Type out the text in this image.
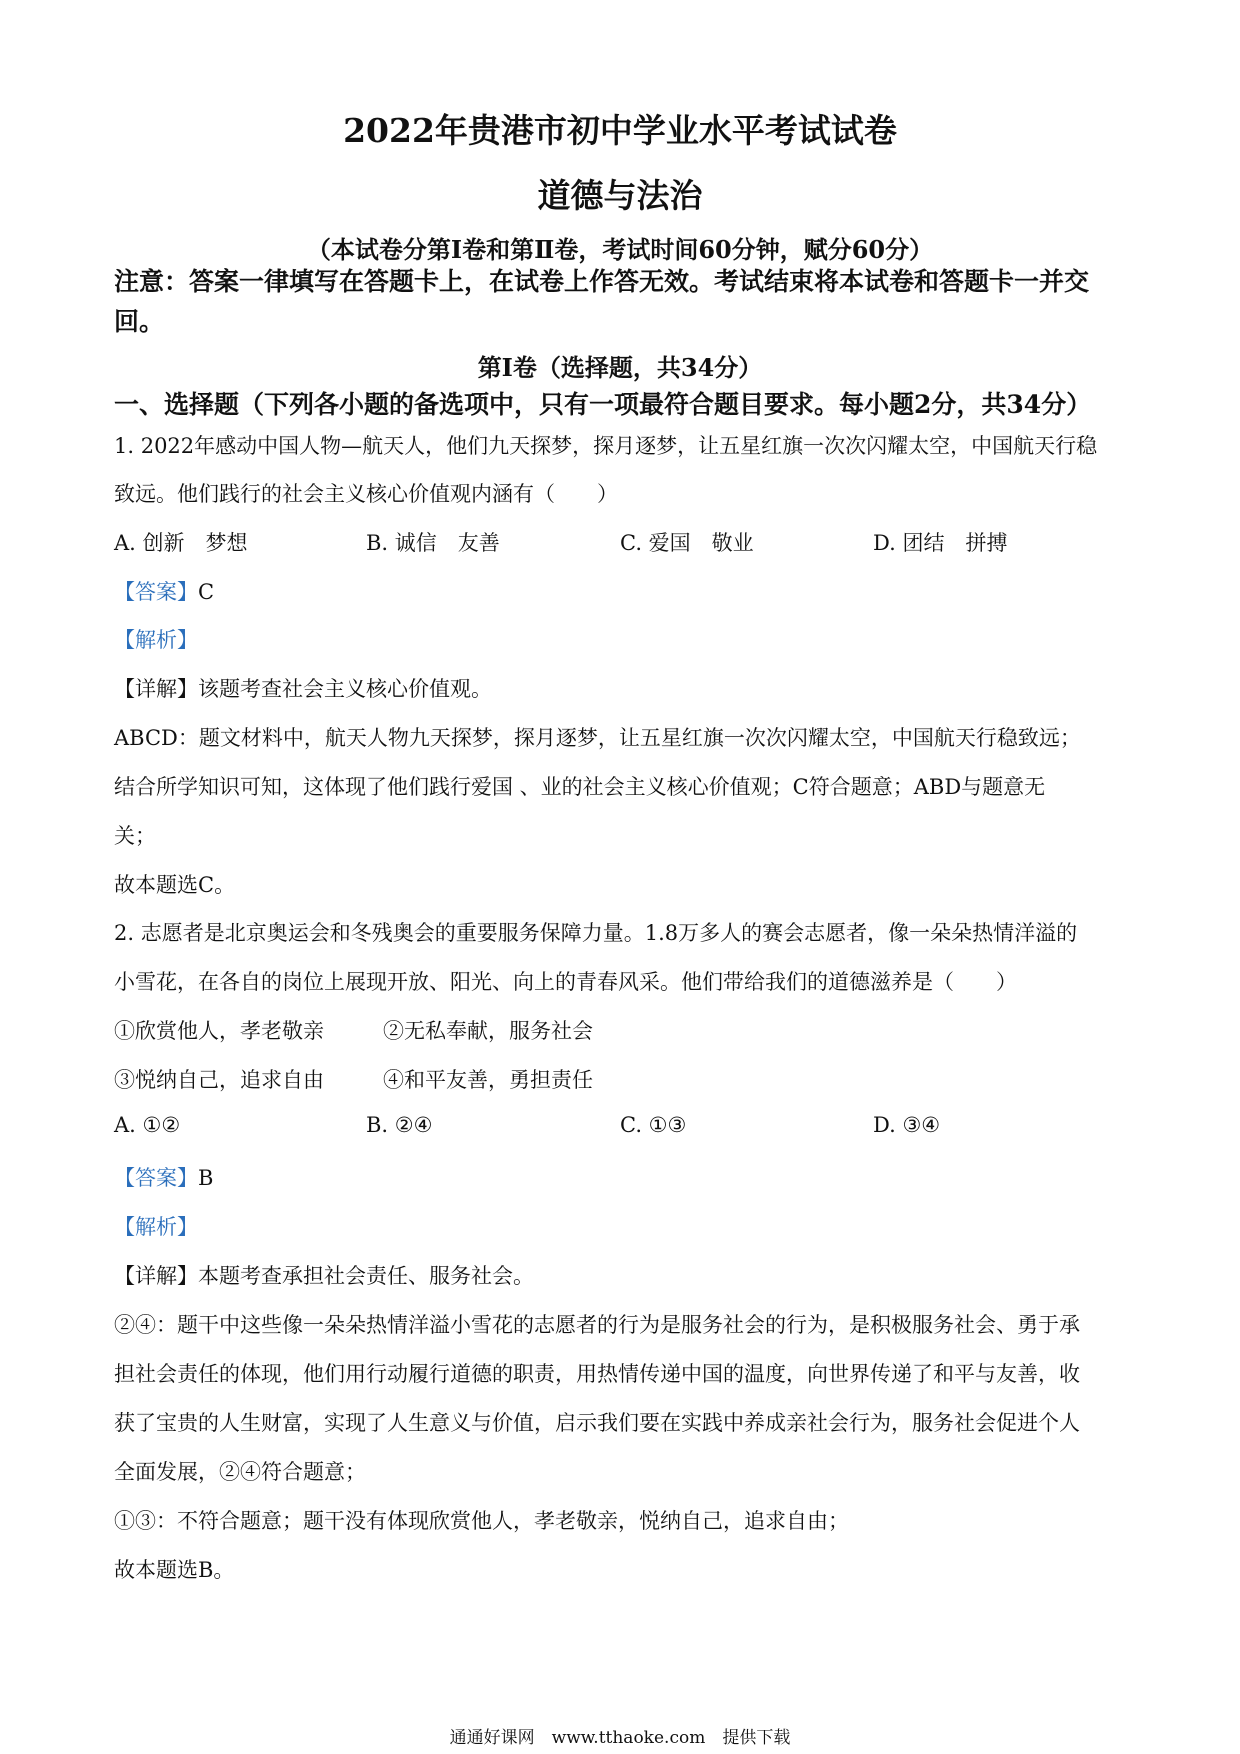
2022年贵港市初中学业水平考试试卷
道德与法治
（本试卷分第Ⅰ卷和第Ⅱ卷，考试时间60分钟，赋分60分）
注意：答案一律填写在答题卡上，在试卷上作答无效。考试结束将本试卷和答题卡一并交
回。
第Ⅰ卷（选择题，共34分）
一、选择题（下列各小题的备选项中，只有一项最符合题目要求。每小题2分，共34分）
1. 2022年感动中国人物—航天人，他们九天探梦，探月逐梦，让五星红旗一次次闪耀太空，中国航天行稳
致远。他们践行的社会主义核心价值观内涵有（　　）
A. 创新　梦想	B. 诚信　友善	C. 爱国　敬业	D. 团结　拼搏
【答案】C
【解析】
【详解】该题考查社会主义核心价值观。
ABCD：题文材料中，航天人物九天探梦，探月逐梦，让五星红旗一次次闪耀太空，中国航天行稳致远；
结合所学知识可知，这体现了他们践行爱国 、业的社会主义核心价值观；C符合题意；ABD与题意无
关；
故本题选C。
2. 志愿者是北京奥运会和冬残奥会的重要服务保障力量。1.8万多人的赛会志愿者，像一朵朵热情洋溢的
小雪花，在各自的岗位上展现开放、阳光、向上的青春风采。他们带给我们的道德滋养是（　　）
①欣赏他人，孝老敬亲	②无私奉献，服务社会
③悦纳自己，追求自由	④和平友善，勇担责任
A. ①②	B. ②④	C. ①③	D. ③④
【答案】B
【解析】
【详解】本题考查承担社会责任、服务社会。
②④：题干中这些像一朵朵热情洋溢小雪花的志愿者的行为是服务社会的行为，是积极服务社会、勇于承
担社会责任的体现，他们用行动履行道德的职责，用热情传递中国的温度，向世界传递了和平与友善，收
获了宝贵的人生财富，实现了人生意义与价值，启示我们要在实践中养成亲社会行为，服务社会促进个人
全面发展，②④符合题意；
①③：不符合题意；题干没有体现欣赏他人，孝老敬亲，悦纳自己，追求自由；
故本题选B。
通通好课网　www.tthaoke.com　提供下载
